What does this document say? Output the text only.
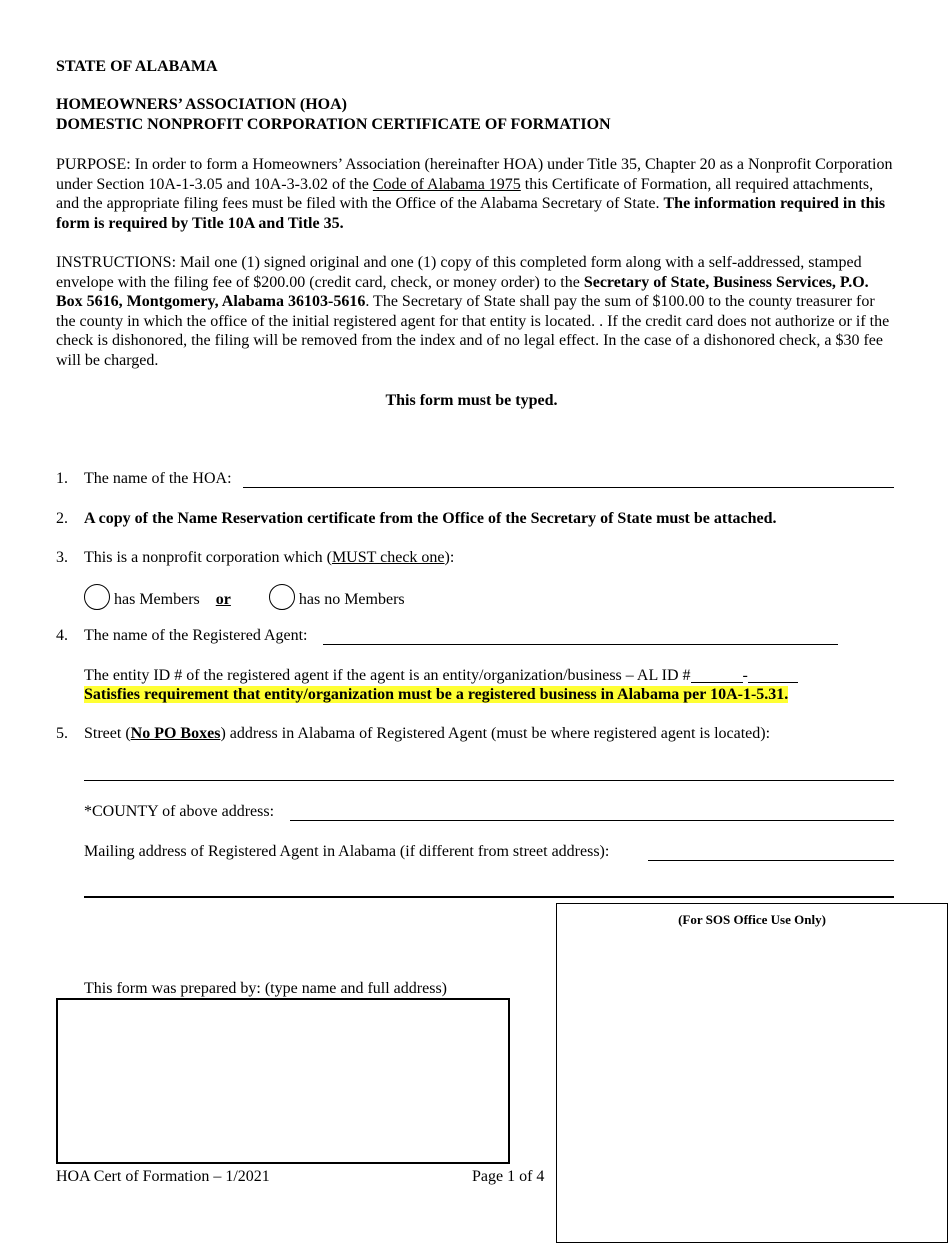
STATE OF ALABAMA
HOMEOWNERS’ ASSOCIATION (HOA)
DOMESTIC NONPROFIT CORPORATION CERTIFICATE OF FORMATION
PURPOSE: In order to form a Homeowners’ Association (hereinafter HOA) under Title 35, Chapter 20 as a Nonprofit Corporation under Section 10A-1-3.05 and 10A-3-3.02 of the Code of Alabama 1975 this Certificate of Formation, all required attachments, and the appropriate filing fees must be filed with the Office of the Alabama Secretary of State. The information required in this form is required by Title 10A and Title 35.
INSTRUCTIONS: Mail one (1) signed original and one (1) copy of this completed form along with a self-addressed, stamped envelope with the filing fee of $200.00 (credit card, check, or money order) to the Secretary of State, Business Services, P.O. Box 5616, Montgomery, Alabama 36103-5616. The Secretary of State shall pay the sum of $100.00 to the county treasurer for the county in which the office of the initial registered agent for that entity is located. . If the credit card does not authorize or if the check is dishonored, the filing will be removed from the index and of no legal effect. In the case of a dishonored check, a $30 fee will be charged.
This form must be typed.
1. The name of the HOA:
2. A copy of the Name Reservation certificate from the Office of the Secretary of State must be attached.
3. This is a nonprofit corporation which (MUST check one):
has Members or	has no Members
4. The name of the Registered Agent:
The entity ID # of the registered agent if the agent is an entity/organization/business – AL ID #	-
Satisfies requirement that entity/organization must be a registered business in Alabama per 10A-1-5.31.
5. Street (No PO Boxes) address in Alabama of Registered Agent (must be where registered agent is located):
*COUNTY of above address:
Mailing address of Registered Agent in Alabama (if different from street address):
(For SOS Office Use Only)
This form was prepared by: (type name and full address)
HOA Cert of Formation – 1/2021	Page 1 of 4
